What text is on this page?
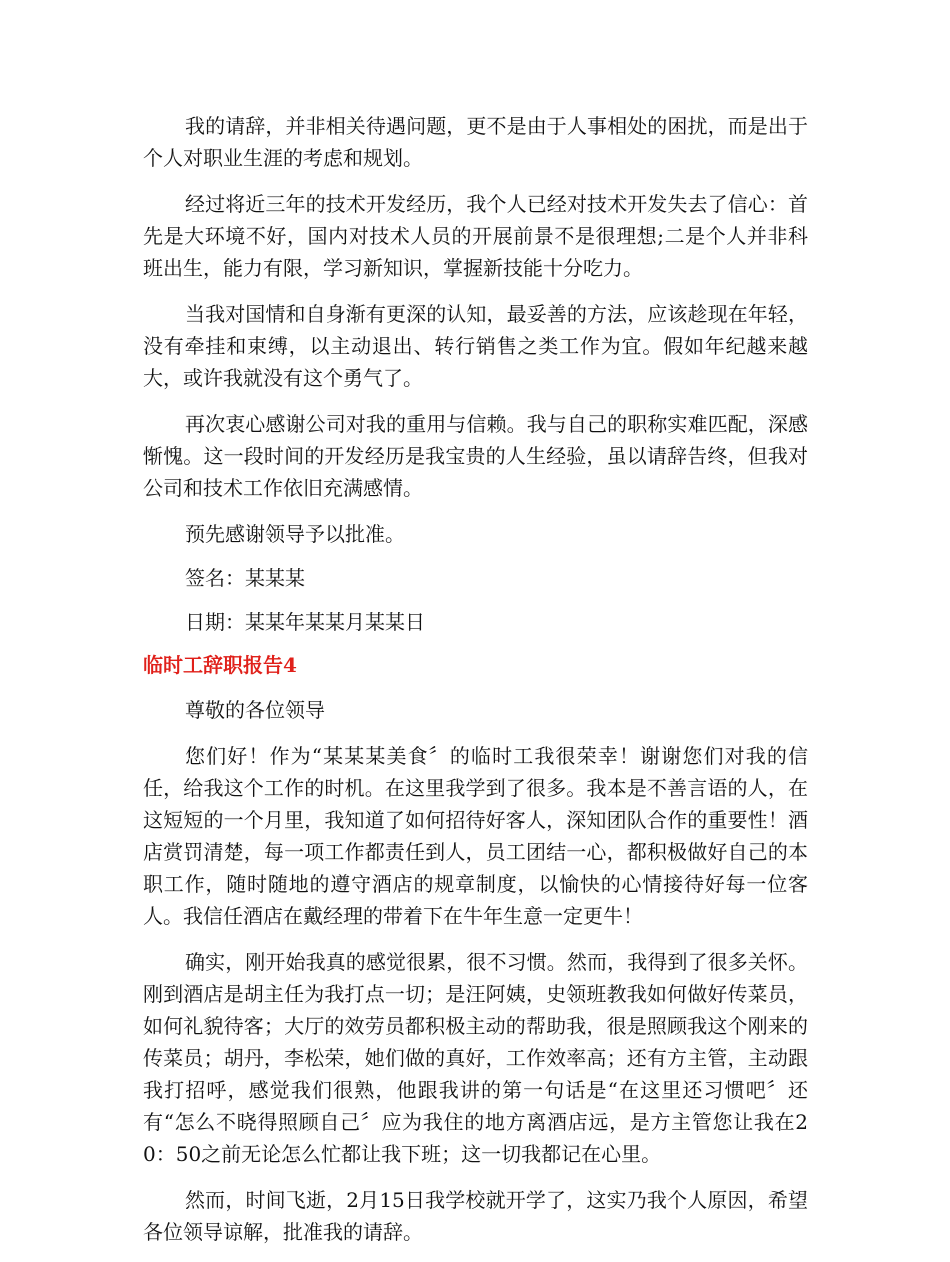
我的请辞，并非相关待遇问题，更不是由于人事相处的困扰，而是出于个人对职业生涯的考虑和规划。

经过将近三年的技术开发经历，我个人已经对技术开发失去了信心：首先是大环境不好，国内对技术人员的开展前景不是很理想;二是个人并非科班出生，能力有限，学习新知识，掌握新技能十分吃力。

当我对国情和自身渐有更深的认知，最妥善的方法，应该趁现在年轻，没有牵挂和束缚，以主动退出、转行销售之类工作为宜。假如年纪越来越大，或许我就没有这个勇气了。

再次衷心感谢公司对我的重用与信赖。我与自己的职称实难匹配，深感惭愧。这一段时间的开发经历是我宝贵的人生经验，虽以请辞告终，但我对公司和技术工作依旧充满感情。

预先感谢领导予以批准。

签名：某某某

日期：某某年某某月某某日

临时工辞职报告4

尊敬的各位领导

您们好！作为“某某某美食〞的临时工我很荣幸！谢谢您们对我的信任，给我这个工作的时机。在这里我学到了很多。我本是不善言语的人，在这短短的一个月里，我知道了如何招待好客人，深知团队合作的重要性！酒店赏罚清楚，每一项工作都责任到人，员工团结一心，都积极做好自己的本职工作，随时随地的遵守酒店的规章制度，以愉快的心情接待好每一位客人。我信任酒店在戴经理的带着下在牛年生意一定更牛！

确实，刚开始我真的感觉很累，很不习惯。然而，我得到了很多关怀。刚到酒店是胡主任为我打点一切；是汪阿姨，史领班教我如何做好传菜员，如何礼貌待客；大厅的效劳员都积极主动的帮助我，很是照顾我这个刚来的传菜员；胡丹，李松荣，她们做的真好，工作效率高；还有方主管，主动跟我打招呼，感觉我们很熟，他跟我讲的第一句话是“在这里还习惯吧〞还有“怎么不晓得照顾自己〞应为我住的地方离酒店远，是方主管您让我在20：50之前无论怎么忙都让我下班；这一切我都记在心里。

然而，时间飞逝，2月15日我学校就开学了，这实乃我个人原因，希望各位领导谅解，批准我的请辞。
